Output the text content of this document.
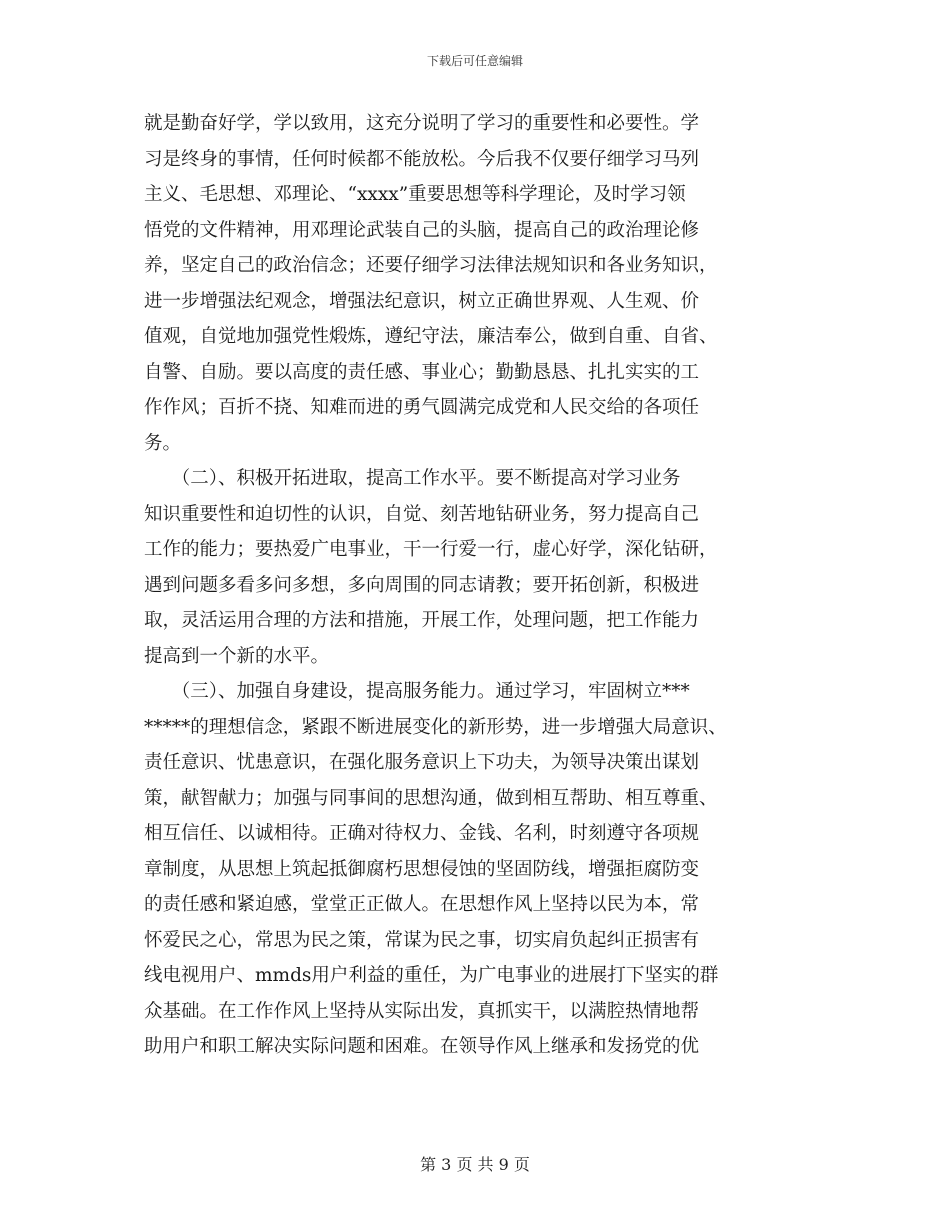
下载后可任意编辑
就是勤奋好学，学以致用，这充分说明了学习的重要性和必要性。学
习是终身的事情，任何时候都不能放松。今后我不仅要仔细学习马列
主义、毛思想、邓理论、“xxxx”重要思想等科学理论，及时学习领
悟党的文件精神，用邓理论武装自己的头脑，提高自己的政治理论修
养，坚定自己的政治信念；还要仔细学习法律法规知识和各业务知识，
进一步增强法纪观念，增强法纪意识，树立正确世界观、人生观、价
值观，自觉地加强党性煅炼，遵纪守法，廉洁奉公，做到自重、自省、
自警、自励。要以高度的责任感、事业心；勤勤恳恳、扎扎实实的工
作作风；百折不挠、知难而进的勇气圆满完成党和人民交给的各项任
务。
　　（二）、积极开拓进取，提高工作水平。要不断提高对学习业务
知识重要性和迫切性的认识，自觉、刻苦地钻研业务，努力提高自己
工作的能力；要热爱广电事业，干一行爱一行，虚心好学，深化钻研，
遇到问题多看多问多想，多向周围的同志请教；要开拓创新，积极进
取，灵活运用合理的方法和措施，开展工作，处理问题，把工作能力
提高到一个新的水平。
　　（三）、加强自身建设，提高服务能力。通过学习，牢固树立***
*****的理想信念，紧跟不断进展变化的新形势，进一步增强大局意识、
责任意识、忧患意识，在强化服务意识上下功夫，为领导决策出谋划
策，献智献力；加强与同事间的思想沟通，做到相互帮助、相互尊重、
相互信任、以诚相待。正确对待权力、金钱、名利，时刻遵守各项规
章制度，从思想上筑起抵御腐朽思想侵蚀的坚固防线，增强拒腐防变
的责任感和紧迫感，堂堂正正做人。在思想作风上坚持以民为本，常
怀爱民之心，常思为民之策，常谋为民之事，切实肩负起纠正损害有
线电视用户、mmds用户利益的重任，为广电事业的进展打下坚实的群
众基础。在工作作风上坚持从实际出发，真抓实干，以满腔热情地帮
助用户和职工解决实际问题和困难。在领导作风上继承和发扬党的优
第 3 页 共 9 页
